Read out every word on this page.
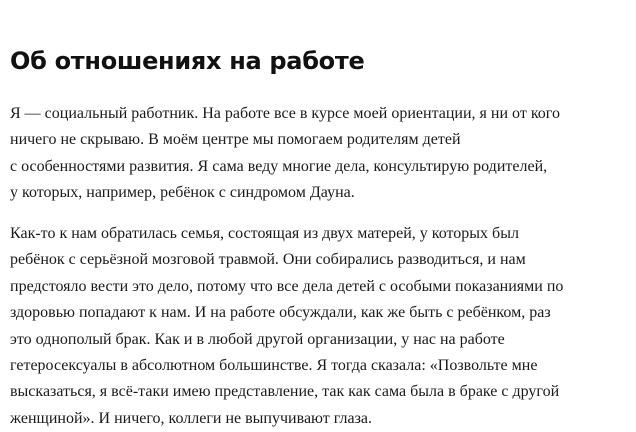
Об отношениях на работе

Я — социальный работник. На работе все в курсе моей ориентации, я ни от кого
ничего не скрываю. В моём центре мы помогаем родителям детей
с особенностями развития. Я сама веду многие дела, консультирую родителей,
у которых, например, ребёнок с синдромом Дауна.

Как-то к нам обратилась семья, состоящая из двух матерей, у которых был
ребёнок с серьёзной мозговой травмой. Они собирались разводиться, и нам
предстояло вести это дело, потому что все дела детей с особыми показаниями по
здоровью попадают к нам. И на работе обсуждали, как же быть с ребёнком, раз
это однополый брак. Как и в любой другой организации, у нас на работе
гетеросексуалы в абсолютном большинстве. Я тогда сказала: «Позвольте мне
высказаться, я всё-таки имею представление, так как сама была в браке с другой
женщиной». И ничего, коллеги не выпучивают глаза.
